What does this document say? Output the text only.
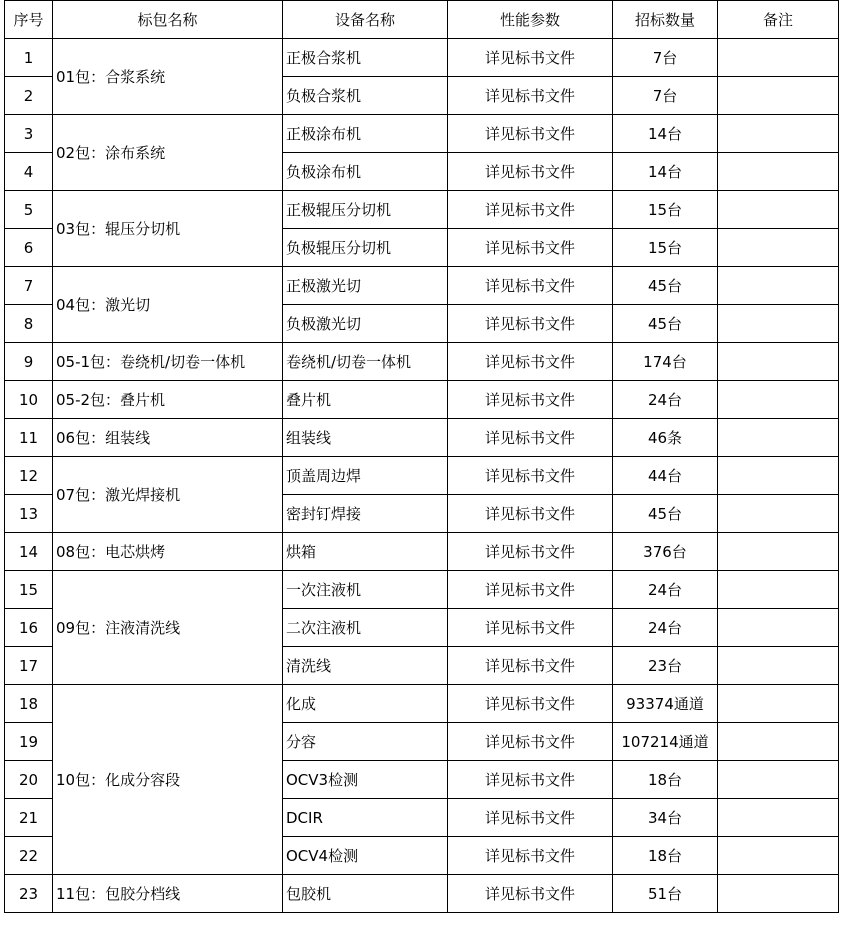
序号	标包名称	设备名称	性能参数	招标数量	备注
1	01包：合浆系统	正极合浆机	详见标书文件	7台	
2		负极合浆机	详见标书文件	7台	
3	02包：涂布系统	正极涂布机	详见标书文件	14台	
4		负极涂布机	详见标书文件	14台	
5	03包：辊压分切机	正极辊压分切机	详见标书文件	15台	
6		负极辊压分切机	详见标书文件	15台	
7	04包：激光切	正极激光切	详见标书文件	45台	
8		负极激光切	详见标书文件	45台	
9	05-1包：卷绕机/切卷一体机	卷绕机/切卷一体机	详见标书文件	174台	
10	05-2包：叠片机	叠片机	详见标书文件	24台	
11	06包：组装线	组装线	详见标书文件	46条	
12	07包：激光焊接机	顶盖周边焊	详见标书文件	44台	
13		密封钉焊接	详见标书文件	45台	
14	08包：电芯烘烤	烘箱	详见标书文件	376台	
15	09包：注液清洗线	一次注液机	详见标书文件	24台	
16		二次注液机	详见标书文件	24台	
17		清洗线	详见标书文件	23台	
18	10包：化成分容段	化成	详见标书文件	93374通道	
19		分容	详见标书文件	107214通道	
20		OCV3检测	详见标书文件	18台	
21		DCIR	详见标书文件	34台	
22		OCV4检测	详见标书文件	18台	
23	11包：包胶分档线	包胶机	详见标书文件	51台	
